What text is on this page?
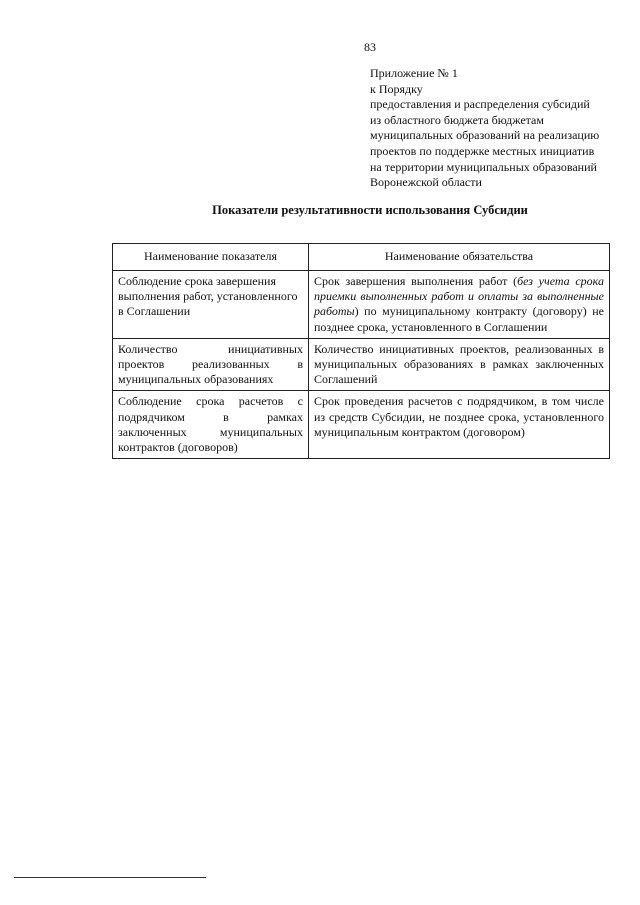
83
Приложение № 1
к Порядку
предоставления и распределения субсидий
из областного бюджета бюджетам
муниципальных образований на реализацию
проектов по поддержке местных инициатив
на территории муниципальных образований
Воронежской области
Показатели результативности использования Субсидии
Наименование показателя	Наименование обязательства
Соблюдение срока завершения выполнения работ, установленного в Соглашении	Срок завершения выполнения работ (без учета срока приемки выполненных работ и оплаты за выполненные работы) по муниципальному контракту (договору) не позднее срока, установленного в Соглашении
Количество инициативных проектов реализованных в муниципальных образованиях	Количество инициативных проектов, реализованных в муниципальных образованиях в рамках заключенных Соглашений
Соблюдение срока расчетов с подрядчиком в рамках заключенных муниципальных контрактов (договоров)	Срок проведения расчетов с подрядчиком, в том числе из средств Субсидии, не позднее срока, установленного муниципальным контрактом (договором)
